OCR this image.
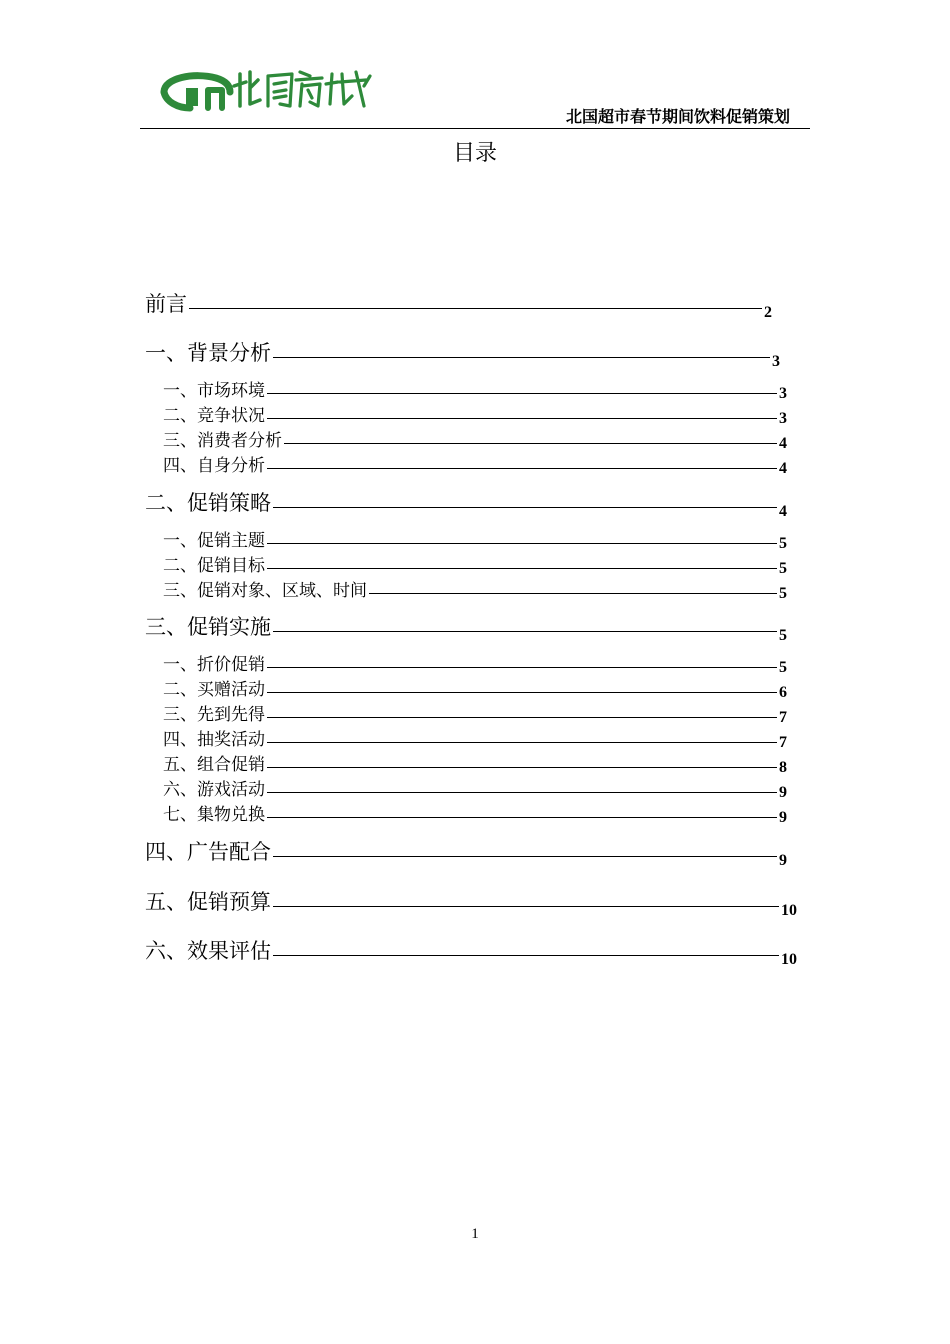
北国超市春节期间饮料促销策划
目录
前言	2
一、背景分析	3
一、市场环境	3
二、竞争状况	3
三、消费者分析	4
四、自身分析	4
二、促销策略	4
一、促销主题	5
二、促销目标	5
三、促销对象、区域、时间	5
三、促销实施	5
一、折价促销	5
二、买赠活动	6
三、先到先得	7
四、抽奖活动	7
五、组合促销	8
六、游戏活动	9
七、集物兑换	9
四、广告配合	9
五、促销预算	10
六、效果评估	10
1
